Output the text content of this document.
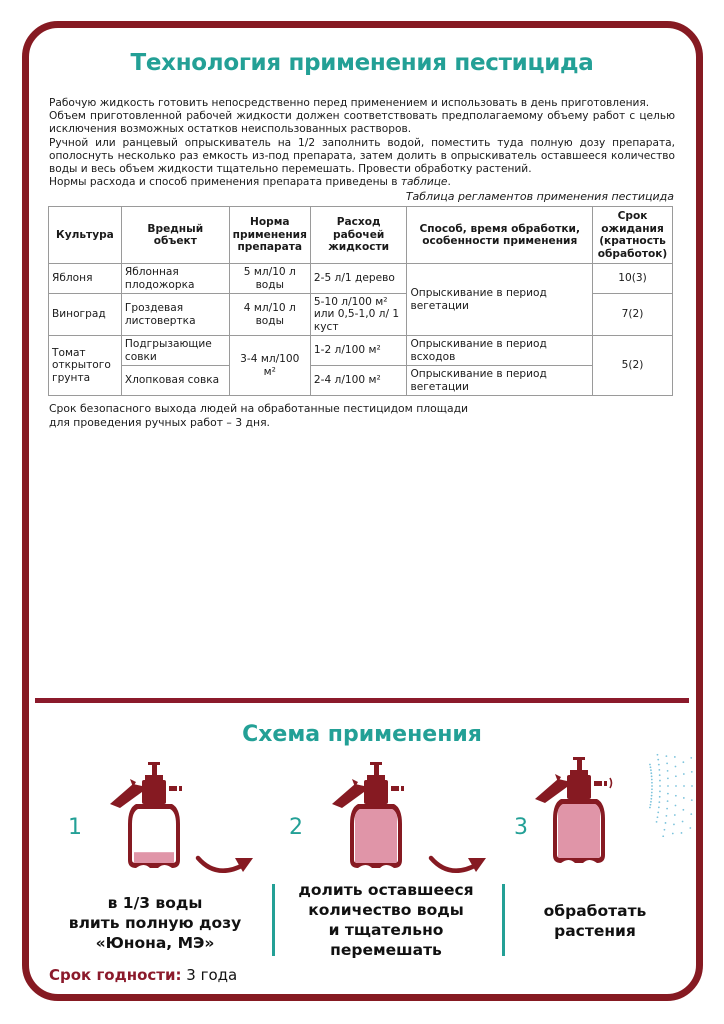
Технология применения пестицида

Рабочую жидкость готовить непосредственно перед применением и использовать в день приготовления.

Объем приготовленной рабочей жидкости должен соответствовать предполагаемому объему работ с целью исключения возможных остатков неиспользованных растворов.

Ручной или ранцевый опрыскиватель на 1/2 заполнить водой, поместить туда полную дозу препарата, ополоснуть несколько раз емкость из-под препарата, затем долить в опрыскиватель оставшееся количество воды и весь объем жидкости тщательно перемешать. Провести обработку растений.

Нормы расхода и способ применения препарата приведены в таблице.

Таблица регламентов применения пестицида
Культура	Вредный объект	Норма применения препарата	Расход рабочей жидкости	Способ, время обработки, особенности применения	Срок ожидания (кратность обработок)
Яблоня	Яблонная плодожорка	5 мл/10 л воды	2-5 л/1 дерево	Опрыскивание в период вегетации	10(3)
Виноград	Гроздевая листовертка	4 мл/10 л воды	5-10 л/100 м² или 0,5-1,0 л/ 1 куст		7(2)
Томат открытого грунта	Подгрызающие совки	3-4 мл/100 м²	1-2 л/100 м²	Опрыскивание в период всходов	5(2)
	Хлопковая совка		2-4 л/100 м²	Опрыскивание в период вегетации	
Срок безопасного выхода людей на обработанные пестицидом площади
для проведения ручных работ – 3 дня.
Схема применения
1	2	3
в 1/3 воды
влить полную дозу
«Юнона, МЭ»
долить оставшееся
количество воды
и тщательно
перемешать
обработать
растения
Срок годности: 3 года
